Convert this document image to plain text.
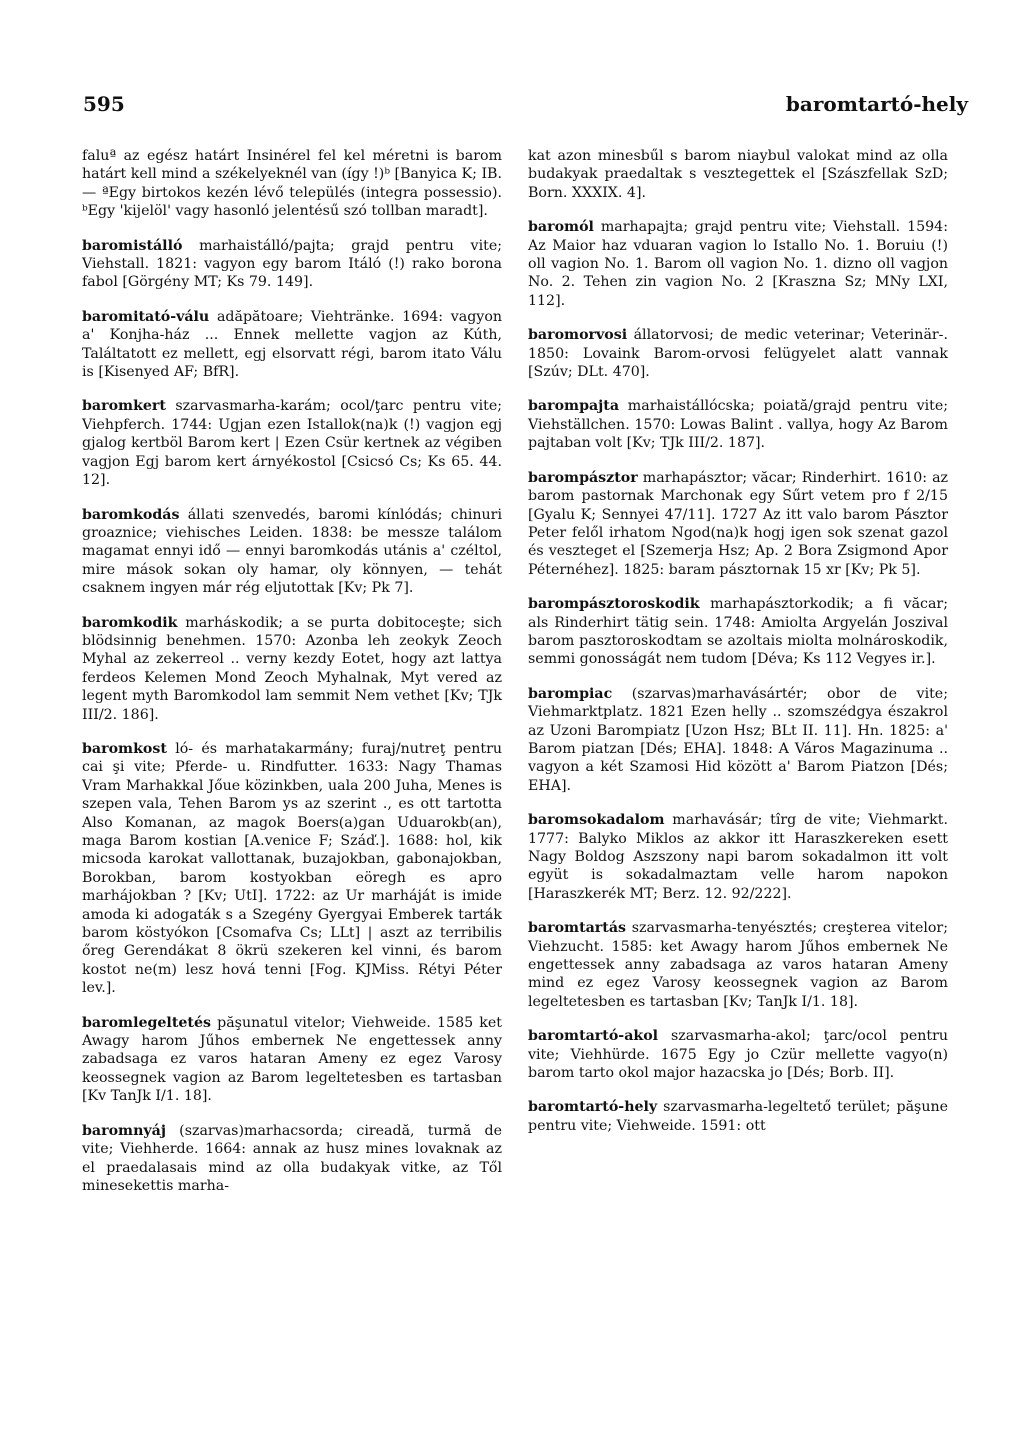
595	baromtartó-hely

faluª az egész határt Insinérel fel kel méretni is barom határt kell mind a székelyeknél van (így !)ᵇ [Banyica K; IB. — ªEgy birtokos kezén lévő település (integra possessio). ᵇEgy 'kijelöl' vagy hasonló jelentésű szó tollban maradt].

baromistálló marhaistálló/pajta; grajd pentru vite; Viehstall. 1821: vagyon egy barom Itáló (!) rako borona fabol [Görgény MT; Ks 79. 149].

baromitató-válu adăpătoare; Viehtränke. 1694: vagyon a' Konjha-ház ... Ennek mellette vagjon az Kúth, Találtatott ez mellett, egj elsorvatt régi, barom itato Válu is [Kisenyed AF; BfR].

baromkert szarvasmarha-karám; ocol/ţarc pentru vite; Viehpferch. 1744: Ugjan ezen Istallok(na)k (!) vagjon egj gjalog kertböl Barom kert | Ezen Csür kertnek az végiben vagjon Egj barom kert árnyékostol [Csicsó Cs; Ks 65. 44. 12].

baromkodás állati szenvedés, baromi kínlódás; chinuri groaznice; viehisches Leiden. 1838: be messze találom magamat ennyi idő — ennyi baromkodás utánis a' czéltol, mire mások sokan oly hamar, oly könnyen, — tehát csaknem ingyen már rég eljutottak [Kv; Pk 7].

baromkodik marháskodik; a se purta dobitoceşte; sich blödsinnig benehmen. 1570: Azonba leh zeokyk Zeoch Myhal az zekerreol .. verny kezdy Eotet, hogy azt lattya ferdeos Kelemen Mond Zeoch Myhalnak, Myt vered az legent myth Baromkodol lam semmit Nem vethet [Kv; TJk III/2. 186].

baromkost ló- és marhatakarmány; furaj/nutreţ pentru cai şi vite; Pferde- u. Rindfutter. 1633: Nagy Thamas Vram Marhakkal Jőue közinkben, uala 200 Juha, Menes is szepen vala, Tehen Barom ys az szerint ., es ott tartotta Also Komanan, az magok Boers(a)gan Uduarokb(an), maga Barom kostian [A.venice F; Száď.]. 1688: hol, kik micsoda karokat vallottanak, buzajokban, gabonajokban, Borokban, barom kostyokban eöregh es apro marhájokban ? [Kv; UtI]. 1722: az Ur marháját is imide amoda ki adogaták s a Szegény Gyergyai Emberek tarták barom köstyókon [Csomafva Cs; LLt] | aszt az terribilis őreg Gerendákat 8 ökrü szekeren kel vinni, és barom kostot ne(m) lesz hová tenni [Fog. KJMiss. Rétyi Péter lev.].

baromlegeltetés păşunatul vitelor; Viehweide. 1585 ket Awagy harom Jűhos embernek Ne engettessek anny zabadsaga ez varos hataran Ameny ez egez Varosy keossegnek vagion az Barom legeltetesben es tartasban [Kv TanJk I/1. 18].

baromnyáj (szarvas)marhacsorda; cireadă, turmă de vite; Viehherde. 1664: annak az husz mines lovaknak az el praedalasais mind az olla budakyak vitke, az Től minesekettis marha-

kat azon minesbűl s barom niaybul valokat mind az olla budakyak praedaltak s vesztegettek el [Szászfellak SzD; Born. XXXIX. 4].

baromól marhapajta; grajd pentru vite; Viehstall. 1594: Az Maior haz vduaran vagion lo Istallo No. 1. Boruiu (!) oll vagion No. 1. Barom oll vagion No. 1. dizno oll vagjon No. 2. Tehen zin vagion No. 2 [Kraszna Sz; MNy LXI, 112].

baromorvosi állatorvosi; de medic veterinar; Veterinär-. 1850: Lovaink Barom-orvosi felügyelet alatt vannak [Szúv; DLt. 470].

barompajta marhaistállócska; poiată/grajd pentru vite; Viehställchen. 1570: Lowas Balint . vallya, hogy Az Barom pajtaban volt [Kv; TJk III/2. 187].

barompásztor marhapásztor; văcar; Rinderhirt. 1610: az barom pastornak Marchonak egy Sűrt vetem pro f 2/15 [Gyalu K; Sennyei 47/11]. 1727 Az itt valo barom Pásztor Peter felől irhatom Ngod(na)k hogj igen sok szenat gazol és veszteget el [Szemerja Hsz; Ap. 2 Bora Zsigmond Apor Péternéhez]. 1825: baram pásztornak 15 xr [Kv; Pk 5].

barompásztoroskodik marhapásztorkodik; a fi văcar; als Rinderhirt tätig sein. 1748: Amiolta Argyelán Joszival barom pasztoroskodtam se azoltais miolta molnároskodik, semmi gonosságát nem tudom [Déva; Ks 112 Vegyes ir.].

barompiac (szarvas)marhavásártér; obor de vite; Viehmarktplatz. 1821 Ezen helly .. szomszédgya északrol az Uzoni Barompiatz [Uzon Hsz; BLt II. 11]. Hn. 1825: a' Barom piatzan [Dés; EHA]. 1848: A Város Magazinuma .. vagyon a két Szamosi Hid között a' Barom Piatzon [Dés; EHA].

baromsokadalom marhavásár; tîrg de vite; Viehmarkt. 1777: Balyko Miklos az akkor itt Haraszkereken esett Nagy Boldog Aszszony napi barom sokadalmon itt volt együt is sokadalmaztam velle harom napokon [Haraszkerék MT; Berz. 12. 92/222].

baromtartás szarvasmarha-tenyésztés; creşterea vitelor; Viehzucht. 1585: ket Awagy harom Jűhos embernek Ne engettessek anny zabadsaga az varos hataran Ameny mind ez egez Varosy keossegnek vagion az Barom legeltetesben es tartasban [Kv; TanJk I/1. 18].

baromtartó-akol szarvasmarha-akol; ţarc/ocol pentru vite; Viehhürde. 1675 Egy jo Czür mellette vagyo(n) barom tarto okol major hazacska jo [Dés; Borb. II].

baromtartó-hely szarvasmarha-legeltető terület; păşune pentru vite; Viehweide. 1591: ott
